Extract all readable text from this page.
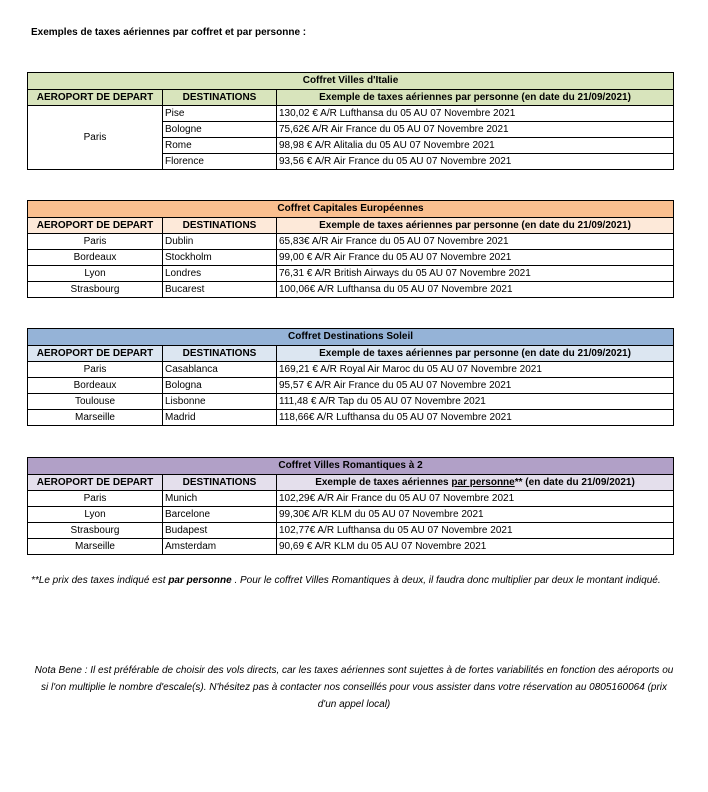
Exemples de taxes aériennes par coffret et par personne :
Coffret Villes d'Italie		
AEROPORT DE DEPART	DESTINATIONS	Exemple de taxes aériennes par personne (en date du 21/09/2021)
Paris	Pise	130,02 € A/R Lufthansa du 05 AU 07 Novembre 2021
	Bologne	75,62€ A/R Air France du 05 AU 07 Novembre 2021
	Rome	98,98 € A/R Alitalia du 05 AU 07 Novembre 2021
	Florence	93,56 € A/R Air France du 05 AU 07 Novembre 2021
Coffret Capitales Européennes		
AEROPORT DE DEPART	DESTINATIONS	Exemple de taxes aériennes par personne (en date du 21/09/2021)
Paris	Dublin	65,83€ A/R Air France du 05 AU 07 Novembre 2021
Bordeaux	Stockholm	99,00 € A/R Air France du 05 AU 07 Novembre 2021
Lyon	Londres	76,31 € A/R British Airways du 05 AU 07 Novembre 2021
Strasbourg	Bucarest	100,06€ A/R Lufthansa du 05 AU 07 Novembre 2021
Coffret Destinations Soleil		
AEROPORT DE DEPART	DESTINATIONS	Exemple de taxes aériennes par personne (en date du 21/09/2021)
Paris	Casablanca	169,21 € A/R Royal Air Maroc du 05 AU 07 Novembre 2021
Bordeaux	Bologna	95,57 € A/R Air France du 05 AU 07 Novembre 2021
Toulouse	Lisbonne	111,48 € A/R Tap du 05 AU 07 Novembre 2021
Marseille	Madrid	118,66€ A/R Lufthansa du 05 AU 07 Novembre 2021
Coffret Villes Romantiques à 2		
AEROPORT DE DEPART	DESTINATIONS	Exemple de taxes aériennes par personne** (en date du 21/09/2021)
Paris	Munich	102,29€ A/R Air France du 05 AU 07 Novembre 2021
Lyon	Barcelone	99,30€ A/R KLM du 05 AU 07 Novembre 2021
Strasbourg	Budapest	102,77€ A/R Lufthansa du 05 AU 07 Novembre 2021
Marseille	Amsterdam	90,69 € A/R KLM du 05 AU 07 Novembre 2021
**Le prix des taxes indiqué est par personne . Pour le coffret Villes Romantiques à deux, il faudra donc multiplier par deux le montant indiqué.
Nota Bene : Il est préférable de choisir des vols directs, car les taxes aériennes sont sujettes à de fortes variabilités en fonction des aéroports ou si l'on multiplie le nombre d'escale(s). N'hésitez pas à contacter nos conseillés pour vous assister dans votre réservation au 0805160064 (prix d'un appel local)
